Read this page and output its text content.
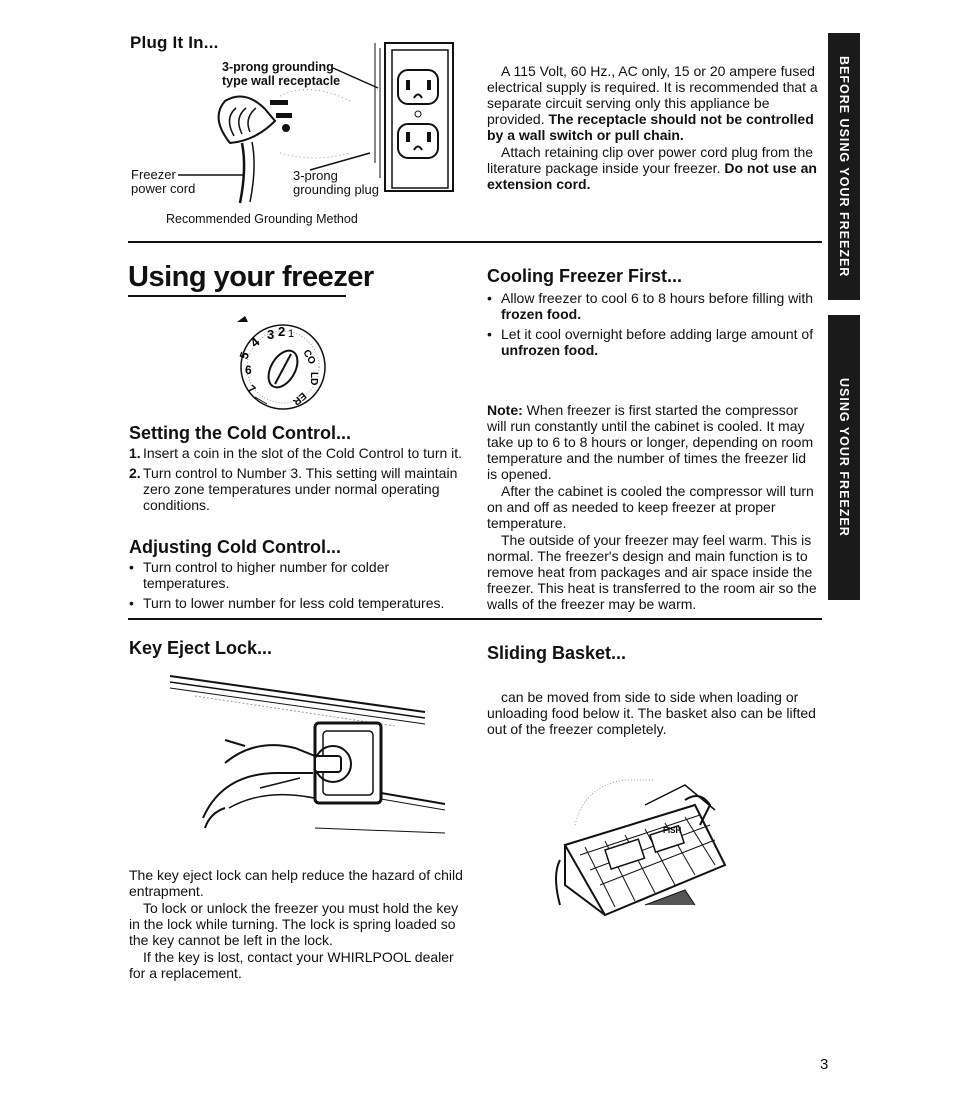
Plug It In...
3-prong grounding
type wall receptacle
Freezer
power cord
3-prong
grounding plug
Recommended Grounding Method

A 115 Volt, 60 Hz., AC only, 15 or 20 ampere fused electrical supply is required. It is recommended that a separate circuit serving only this appliance be provided. The receptacle should not be controlled by a wall switch or pull chain.

Attach retaining clip over power cord plug from the literature package inside your freezer. Do not use an extension cord.	BEFORE USING YOUR FREEZER
USING YOUR FREEZER
Using your freezer
4 3 2 1
5
6
7
CO
LD
ER
Setting the Cold Control...
1. Insert a coin in the slot of the Cold Control to turn it.
2. Turn control to Number 3. This setting will maintain zero zone temperatures under normal operating conditions.
Adjusting Cold Control...
• Turn control to higher number for colder temperatures.
• Turn to lower number for less cold temperatures.
Cooling Freezer First...
• Allow freezer to cool 6 to 8 hours before filling with frozen food.
• Let it cool overnight before adding large amount of unfrozen food.

Note: When freezer is first started the compressor will run constantly until the cabinet is cooled. It may take up to 6 to 8 hours or longer, depending on room temperature and the number of times the freezer lid is opened.

After the cabinet is cooled the compressor will turn on and off as needed to keep freezer at proper temperature.

The outside of your freezer may feel warm. This is normal. The freezer's design and main function is to remove heat from packages and air space inside the freezer. This heat is transferred to the room air so the walls of the freezer may be warm.

Key Eject Lock...

The key eject lock can help reduce the hazard of child entrapment.

To lock or unlock the freezer you must hold the key in the lock while turning. The lock is spring loaded so the key cannot be left in the lock.

If the key is lost, contact your WHIRLPOOL dealer for a replacement.

Sliding Basket...

can be moved from side to side when loading or unloading food below it. The basket also can be lifted out of the freezer completely.

FISH
3
